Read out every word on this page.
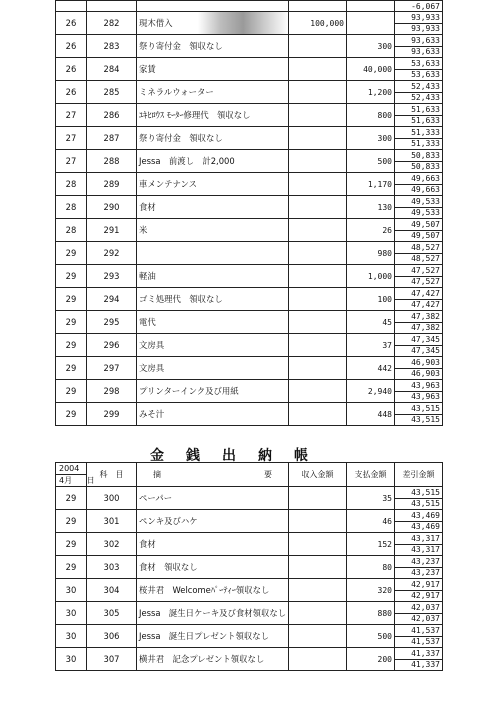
					-6,067
26	282	現木借入	100,000		93,933
					93,933
26	283	祭り寄付金　領収なし		300	93,633
					93,633
26	284	家賃		40,000	53,633
					53,633
26	285	ミネラルウォーター		1,200	52,433
					52,433
27	286	ﾕｷﾋﾛｳｽ ﾓｰﾀｰ修理代　領収なし		800	51,633
					51,633
27	287	祭り寄付金　領収なし		300	51,333
					51,333
27	288	Jessa　前渡し　計2,000		500	50,833
					50,833
28	289	車メンテナンス		1,170	49,663
					49,663
28	290	食材		130	49,533
					49,533
28	291	米		26	49,507
					49,507
29	292			980	48,527
					48,527
29	293	軽油		1,000	47,527
					47,527
29	294	ゴミ処理代　領収なし		100	47,427
					47,427
29	295	電代		45	47,382
					47,382
29	296	文房具		37	47,345
					47,345
29	297	文房具		442	46,903
					46,903
29	298	プリンターインク及び用紙		2,940	43,963
					43,963
29	299	みそ汁		448	43,515
					43,515
金銭出納帳
2004	科　目	摘 要	収入金額	支払金額	差引金額
4月 日					
29	300	ペーパー		35	43,515
					43,515
29	301	ペンキ及びハケ		46	43,469
					43,469
29	302	食材		152	43,317
					43,317
29	303	食材　領収なし		80	43,237
					43,237
30	304	桜井君　Welcomeﾊﾟｰﾃｨｰ領収なし		320	42,917
					42,917
30	305	Jessa　誕生日ケーキ及び食材領収なし		880	42,037
					42,037
30	306	Jessa　誕生日プレゼント領収なし		500	41,537
					41,537
30	307	横井君　記念プレゼント領収なし		200	41,337
					41,337
